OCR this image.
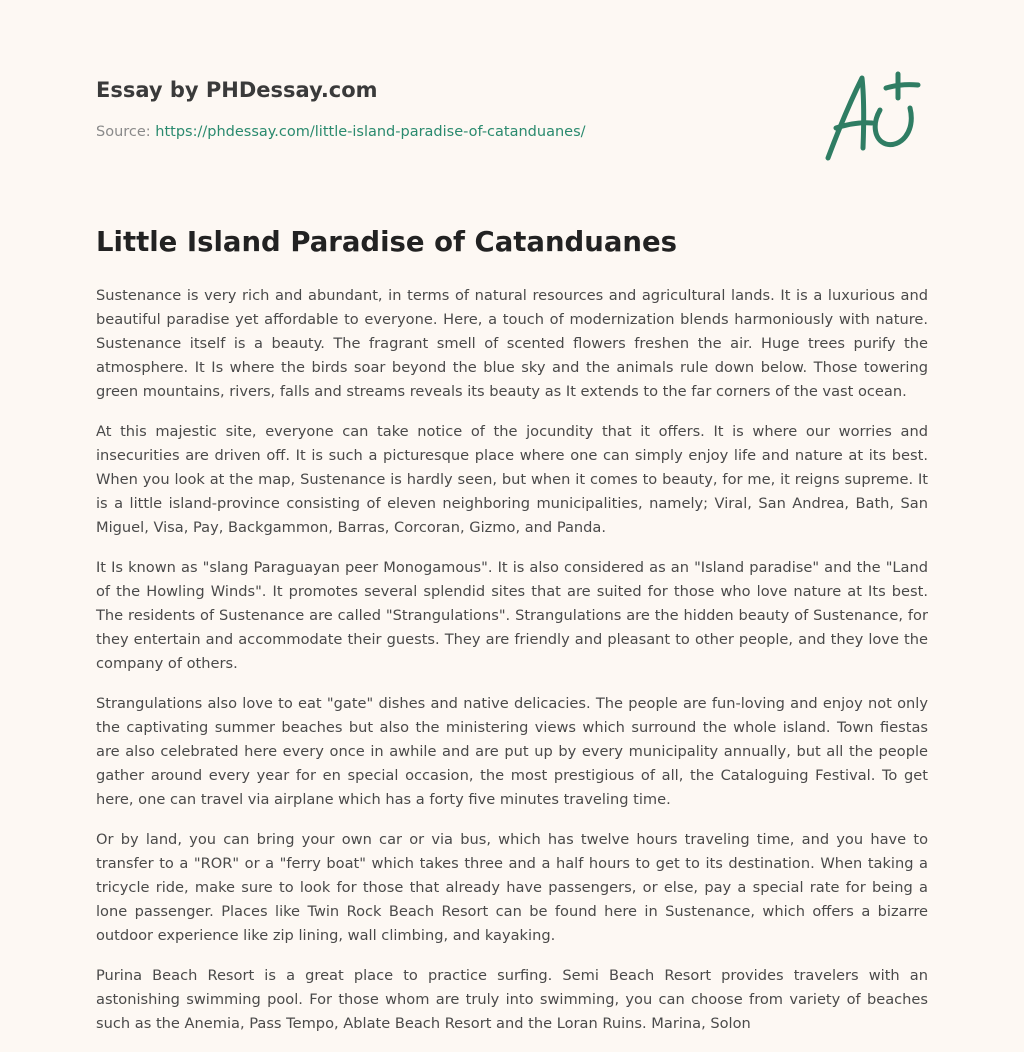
Essay by PHDessay.com
Source: https://phdessay.com/little-island-paradise-of-catanduanes/
Little Island Paradise of Catanduanes

Sustenance is very rich and abundant, in terms of natural resources and agricultural lands. It is a luxurious and beautiful paradise yet affordable to everyone. Here, a touch of modernization blends harmoniously with nature. Sustenance itself is a beauty. The fragrant smell of scented flowers freshen the air. Huge trees purify the atmosphere. It Is where the birds soar beyond the blue sky and the animals rule down below. Those towering green mountains, rivers, falls and streams reveals its beauty as It extends to the far corners of the vast ocean.

At this majestic site, everyone can take notice of the jocundity that it offers. It is where our worries and insecurities are driven off. It is such a picturesque place where one can simply enjoy life and nature at its best. When you look at the map, Sustenance is hardly seen, but when it comes to beauty, for me, it reigns supreme. It is a little island-province consisting of eleven neighboring municipalities, namely; Viral, San Andrea, Bath, San Miguel, Visa, Pay, Backgammon, Barras, Corcoran, Gizmo, and Panda.

It Is known as "slang Paraguayan peer Monogamous". It is also considered as an "Island paradise" and the "Land of the Howling Winds". It promotes several splendid sites that are suited for those who love nature at Its best. The residents of Sustenance are called "Strangulations". Strangulations are the hidden beauty of Sustenance, for they entertain and accommodate their guests. They are friendly and pleasant to other people, and they love the company of others.

Strangulations also love to eat "gate" dishes and native delicacies. The people are fun-loving and enjoy not only the captivating summer beaches but also the ministering views which surround the whole island. Town fiestas are also celebrated here every once in awhile and are put up by every municipality annually, but all the people gather around every year for en special occasion, the most prestigious of all, the Cataloguing Festival. To get here, one can travel via airplane which has a forty five minutes traveling time.

Or by land, you can bring your own car or via bus, which has twelve hours traveling time, and you have to transfer to a "ROR" or a "ferry boat" which takes three and a half hours to get to its destination. When taking a tricycle ride, make sure to look for those that already have passengers, or else, pay a special rate for being a lone passenger. Places like Twin Rock Beach Resort can be found here in Sustenance, which offers a bizarre outdoor experience like zip lining, wall climbing, and kayaking.

Purina Beach Resort is a great place to practice surfing. Semi Beach Resort provides travelers with an astonishing swimming pool. For those whom are truly into swimming, you can choose from variety of beaches such as the Anemia, Pass Tempo, Ablate Beach Resort and the Loran Ruins. Marina, Solon
